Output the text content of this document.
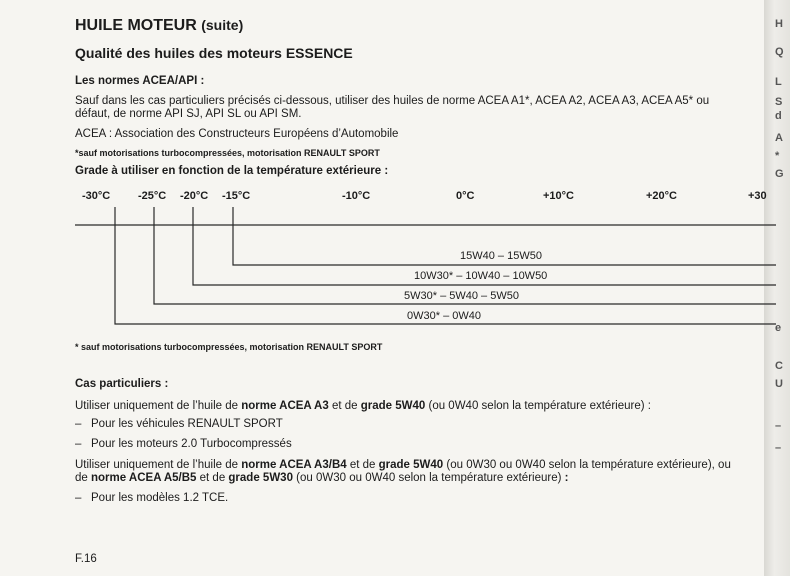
H
Q
L
S
d
A
*
G
e
C
U
–
–
HUILE MOTEUR (suite)
Qualité des huiles des moteurs ESSENCE
Les normes ACEA/API :
Sauf dans les cas particuliers précisés ci-dessous, utiliser des huiles de norme ACEA A1*, ACEA A2, ACEA A3, ACEA A5* ou
défaut, de norme API SJ, API SL ou API SM.
ACEA : Association des Constructeurs Européens d’Automobile
*sauf motorisations turbocompressées, motorisation RENAULT SPORT
Grade à utiliser en fonction de la température extérieure :
-30°C	-25°C -20°C -15°C	-10°C	0°C	+10°C	+20°C	+30
15W40 – 15W50
10W30* – 10W40 – 10W50
5W30* – 5W40 – 5W50
0W30* – 0W40
* sauf motorisations turbocompressées, motorisation RENAULT SPORT
Cas particuliers :
Utiliser uniquement de l’huile de norme ACEA A3 et de grade 5W40 (ou 0W40 selon la température extérieure) :
– Pour les véhicules RENAULT SPORT
– Pour les moteurs 2.0 Turbocompressés
Utiliser uniquement de l’huile de norme ACEA A3/B4 et de grade 5W40 (ou 0W30 ou 0W40 selon la température extérieure), ou
de norme ACEA A5/B5 et de grade 5W30 (ou 0W30 ou 0W40 selon la température extérieure) :
– Pour les modèles 1.2 TCE.
F.16
